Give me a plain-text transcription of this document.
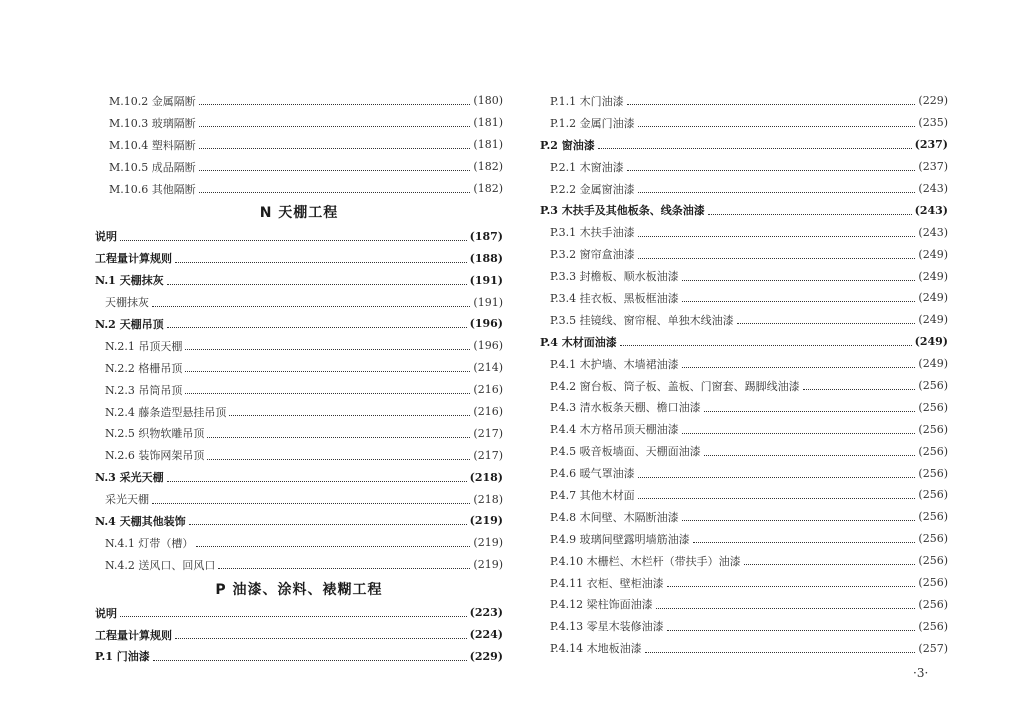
M.10.2 金属隔断	(180)
M.10.3 玻璃隔断	(181)
M.10.4 塑料隔断	(181)
M.10.5 成品隔断	(182)
M.10.6 其他隔断	(182)
N 天棚工程
说明	(187)
工程量计算规则	(188)
N.1 天棚抹灰	(191)
天棚抹灰	(191)
N.2 天棚吊顶	(196)
N.2.1 吊顶天棚	(196)
N.2.2 格栅吊顶	(214)
N.2.3 吊筒吊顶	(216)
N.2.4 藤条造型悬挂吊顶	(216)
N.2.5 织物软雕吊顶	(217)
N.2.6 装饰网架吊顶	(217)
N.3 采光天棚	(218)
采光天棚	(218)
N.4 天棚其他装饰	(219)
N.4.1 灯带（槽）	(219)
N.4.2 送风口、回风口	(219)
P 油漆、涂料、裱糊工程
说明	(223)
工程量计算规则	(224)
P.1 门油漆	(229)
P.1.1 木门油漆	(229)
P.1.2 金属门油漆	(235)
P.2 窗油漆	(237)
P.2.1 木窗油漆	(237)
P.2.2 金属窗油漆	(243)
P.3 木扶手及其他板条、线条油漆	(243)
P.3.1 木扶手油漆	(243)
P.3.2 窗帘盒油漆	(249)
P.3.3 封檐板、顺水板油漆	(249)
P.3.4 挂衣板、黑板框油漆	(249)
P.3.5 挂镜线、窗帘棍、单独木线油漆	(249)
P.4 木材面油漆	(249)
P.4.1 木护墙、木墙裙油漆	(249)
P.4.2 窗台板、筒子板、盖板、门窗套、踢脚线油漆	(256)
P.4.3 清水板条天棚、檐口油漆	(256)
P.4.4 木方格吊顶天棚油漆	(256)
P.4.5 吸音板墙面、天棚面油漆	(256)
P.4.6 暖气罩油漆	(256)
P.4.7 其他木材面	(256)
P.4.8 木间壁、木隔断油漆	(256)
P.4.9 玻璃间壁露明墙筋油漆	(256)
P.4.10 木栅栏、木栏杆（带扶手）油漆	(256)
P.4.11 衣柜、壁柜油漆	(256)
P.4.12 梁柱饰面油漆	(256)
P.4.13 零星木装修油漆	(256)
P.4.14 木地板油漆	(257)
·3·
